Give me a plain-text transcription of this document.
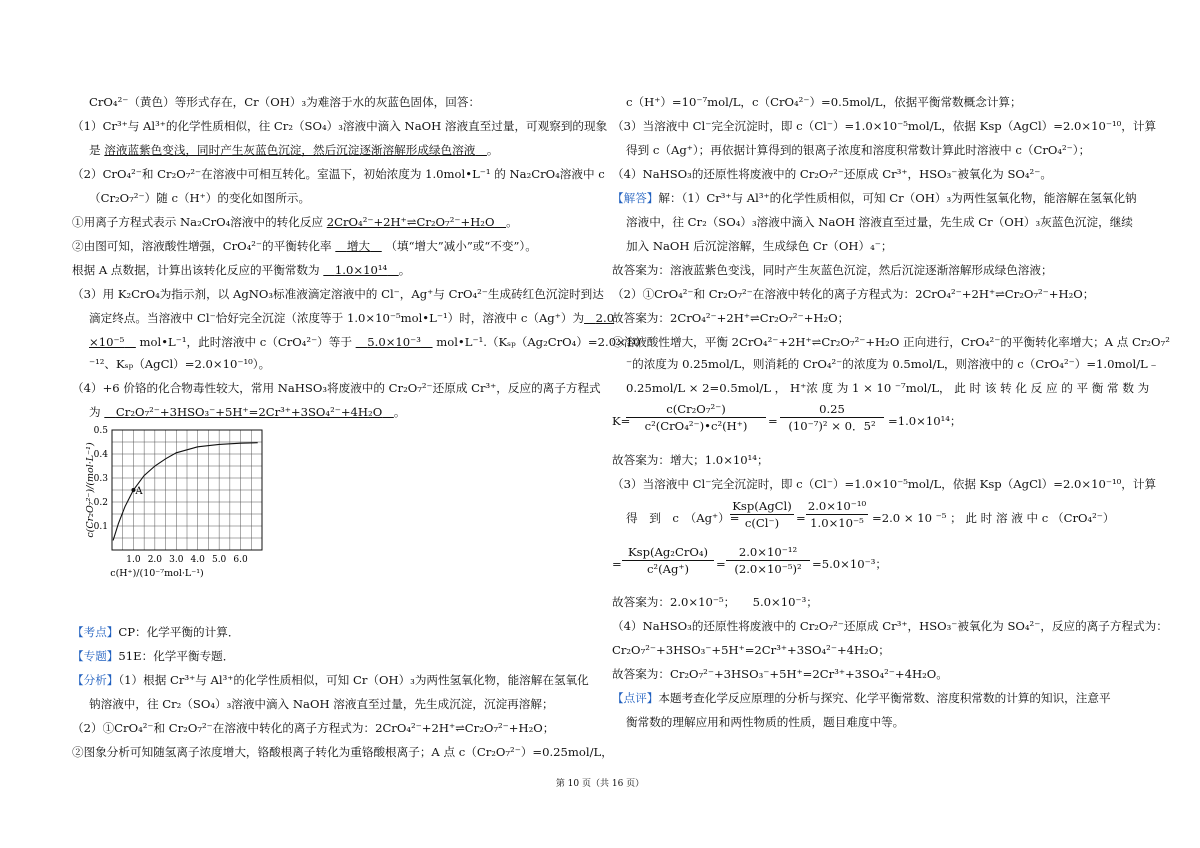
CrO₄²⁻（黄色）等形式存在，Cr（OH）₃为难溶于水的灰蓝色固体，回答：
（1）Cr³⁺与 Al³⁺的化学性质相似，往 Cr₂（SO₄）₃溶液中滴入 NaOH 溶液直至过量，可观察到的现象
是 溶液蓝紫色变浅，同时产生灰蓝色沉淀，然后沉淀逐渐溶解形成绿色溶液　 。
（2）CrO₄²⁻和 Cr₂O₇²⁻在溶液中可相互转化。室温下，初始浓度为 1.0mol•L⁻¹ 的 Na₂CrO₄溶液中 c
（Cr₂O₇²⁻）随 c（H⁺）的变化如图所示。
①用离子方程式表示 Na₂CrO₄溶液中的转化反应 2CrO₄²⁻+2H⁺⇌Cr₂O₇²⁻+H₂O　 。
②由图可知，溶液酸性增强，CrO₄²⁻的平衡转化率 　 增大　 （填“增大”减小”或“不变”）。
根据 A 点数据，计算出该转化反应的平衡常数为 　 1.0×10¹⁴　 。
（3）用 K₂CrO₄为指示剂，以 AgNO₃标准液滴定溶液中的 Cl⁻，Ag⁺与 CrO₄²⁻生成砖红色沉淀时到达
滴定终点。当溶液中 Cl⁻恰好完全沉淀（浓度等于 1.0×10⁻⁵mol•L⁻¹）时，溶液中 c（Ag⁺）为　 2.0
×10⁻⁵　 mol•L⁻¹，此时溶液中 c（CrO₄²⁻）等于 　 5.0×10⁻³　 mol•L⁻¹.（Kₛₚ（Ag₂CrO₄）=2.0×10
⁻¹²、Kₛₚ（AgCl）=2.0×10⁻¹⁰）。
（4）+6 价铬的化合物毒性较大，常用 NaHSO₃将废液中的 Cr₂O₇²⁻还原成 Cr³⁺，反应的离子方程式
为 　 Cr₂O₇²⁻+3HSO₃⁻+5H⁺=2Cr³⁺+3SO₄²⁻+4H₂O　 。
【考点】CP：化学平衡的计算．
【专题】51E：化学平衡专题．
【分析】（1）根据 Cr³⁺与 Al³⁺的化学性质相似，可知 Cr（OH）₃为两性氢氧化物，能溶解在氢氧化
钠溶液中，往 Cr₂（SO₄）₃溶液中滴入 NaOH 溶液直至过量，先生成沉淀，沉淀再溶解；
（2）①CrO₄²⁻和 Cr₂O₇²⁻在溶液中转化的离子方程式为：2CrO₄²⁻+2H⁺⇌Cr₂O₇²⁻+H₂O；
②图象分析可知随氢离子浓度增大，铬酸根离子转化为重铬酸根离子；A 点 c（Cr₂O₇²⁻）=0.25mol/L，
1.0 2.0 3.0 4.0 5.0 6.0
0.1
0.2
0.3
0.4
0.5
A
c(Cr₂O₇²⁻)/(mol·L⁻¹)
c(H⁺)/(10⁻⁷mol·L⁻¹)
c（H⁺）=10⁻⁷mol/L，c（CrO₄²⁻）=0.5mol/L，依据平衡常数概念计算；
（3）当溶液中 Cl⁻完全沉淀时，即 c（Cl⁻）=1.0×10⁻⁵mol/L，依据 Ksp（AgCl）=2.0×10⁻¹⁰，计算
得到 c（Ag⁺）；再依据计算得到的银离子浓度和溶度积常数计算此时溶液中 c（CrO₄²⁻）；
（4）NaHSO₃的还原性将废液中的 Cr₂O₇²⁻还原成 Cr³⁺，HSO₃⁻被氧化为 SO₄²⁻。
【解答】解：（1）Cr³⁺与 Al³⁺的化学性质相似，可知 Cr（OH）₃为两性氢氧化物，能溶解在氢氧化钠
溶液中，往 Cr₂（SO₄）₃溶液中滴入 NaOH 溶液直至过量，先生成 Cr（OH）₃灰蓝色沉淀，继续
加入 NaOH 后沉淀溶解，生成绿色 Cr（OH）₄⁻；
故答案为：溶液蓝紫色变浅，同时产生灰蓝色沉淀，然后沉淀逐渐溶解形成绿色溶液；
（2）①CrO₄²⁻和 Cr₂O₇²⁻在溶液中转化的离子方程式为：2CrO₄²⁻+2H⁺⇌Cr₂O₇²⁻+H₂O；
故答案为：2CrO₄²⁻+2H⁺⇌Cr₂O₇²⁻+H₂O；
②溶液酸性增大，平衡 2CrO₄²⁻+2H⁺⇌Cr₂O₇²⁻+H₂O 正向进行，CrO₄²⁻的平衡转化率增大；A 点 Cr₂O₇²
⁻的浓度为 0.25mol/L，则消耗的 CrO₄²⁻的浓度为 0.5mol/L，则溶液中的 c（CrO₄²⁻）=1.0mol/L﹣
0.25mol/L × 2=0.5mol/L ， H⁺浓 度 为 1 × 10 ⁻⁷mol/L， 此 时 该 转 化 反 应 的 平 衡 常 数 为
K=
c(Cr₂O₇²⁻)
c²(CrO₄²⁻)•c²(H⁺)	=
0.25
(10⁻⁷)² × 0．5²	=1.0×10¹⁴；
故答案为：增大；1.0×10¹⁴；
（3）当溶液中 Cl⁻完全沉淀时，即 c（Cl⁻）=1.0×10⁻⁵mol/L，依据 Ksp（AgCl）=2.0×10⁻¹⁰，计算
得　到　c　（Ag⁺）=
Ksp(AgCl)
c(Cl⁻)	=
2.0×10⁻¹⁰
1.0×10⁻⁵ =2.0 × 10 ⁻⁵ ； 此 时 溶 液 中 c （CrO₄²⁻）
=
Ksp(Ag₂CrO₄)
c²(Ag⁺)	=
2.0×10⁻¹²
(2.0×10⁻⁵)² =5.0×10⁻³；
故答案为：2.0×10⁻⁵；　　5.0×10⁻³；
（4）NaHSO₃的还原性将废液中的 Cr₂O₇²⁻还原成 Cr³⁺，HSO₃⁻被氧化为 SO₄²⁻，反应的离子方程式为：
Cr₂O₇²⁻+3HSO₃⁻+5H⁺=2Cr³⁺+3SO₄²⁻+4H₂O；
故答案为：Cr₂O₇²⁻+3HSO₃⁻+5H⁺=2Cr³⁺+3SO₄²⁻+4H₂O。
【点评】本题考查化学反应原理的分析与探究、化学平衡常数、溶度积常数的计算的知识，注意平
衡常数的理解应用和两性物质的性质，题目难度中等。
第 10 页（共 16 页）
